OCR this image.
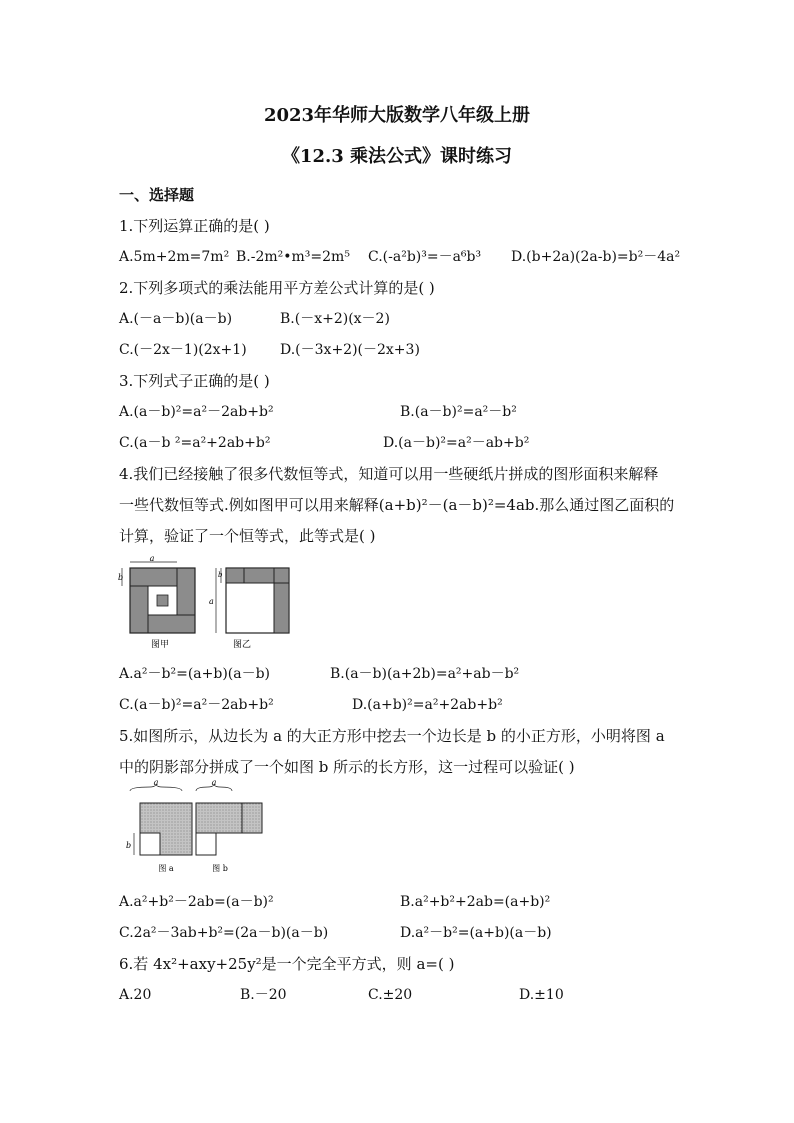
2023年华师大版数学八年级上册
《12.3 乘法公式》课时练习
一、选择题
1.下列运算正确的是( )
A.5m+2m=7m² B.-2m²•m³=2m⁵ C.(-a²b)³=－a⁶b³ D.(b+2a)(2a-b)=b²－4a²
2.下列多项式的乘法能用平方差公式计算的是( )
A.(－a－b)(a－b)	B.(－x+2)(x－2)
C.(－2x－1)(2x+1) D.(－3x+2)(－2x+3)
3.下列式子正确的是( )
A.(a－b)²=a²－2ab+b²	B.(a－b)²=a²－b²
C.(a－b ²=a²+2ab+b²	D.(a－b)²=a²－ab+b²
4.我们已经接触了很多代数恒等式，知道可以用一些硬纸片拼成的图形面积来解释
一些代数恒等式.例如图甲可以用来解释(a+b)²－(a－b)²=4ab.那么通过图乙面积的
计算，验证了一个恒等式，此等式是( )
a
b
图甲
a
b
图乙
A.a²－b²=(a+b)(a－b)	B.(a－b)(a+2b)=a²+ab－b²
C.(a－b)²=a²－2ab+b²	D.(a+b)²=a²+2ab+b²
5.如图所示，从边长为 a 的大正方形中挖去一个边长是 b 的小正方形，小明将图 a
中的阴影部分拼成了一个如图 b 所示的长方形，这一过程可以验证( )
a
b
图 a
a
图 b
A.a²+b²－2ab=(a－b)²	B.a²+b²+2ab=(a+b)²
C.2a²－3ab+b²=(2a－b)(a－b)	D.a²－b²=(a+b)(a－b)
6.若 4x²+axy+25y²是一个完全平方式，则 a=( )
A.20	B.－20	C.±20	D.±10
